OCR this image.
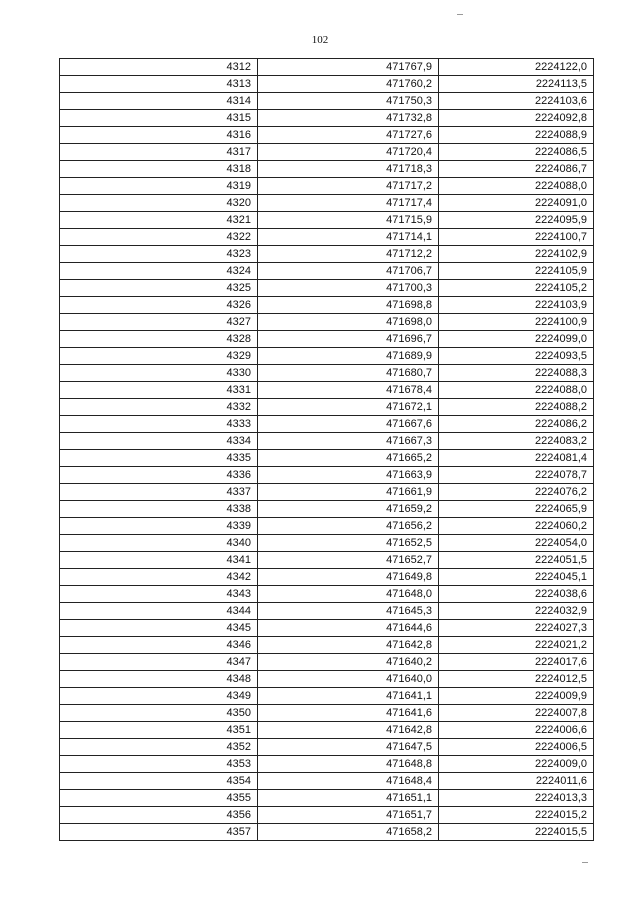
102
4312	471767,9	2224122,0
4313	471760,2	2224113,5
4314	471750,3	2224103,6
4315	471732,8	2224092,8
4316	471727,6	2224088,9
4317	471720,4	2224086,5
4318	471718,3	2224086,7
4319	471717,2	2224088,0
4320	471717,4	2224091,0
4321	471715,9	2224095,9
4322	471714,1	2224100,7
4323	471712,2	2224102,9
4324	471706,7	2224105,9
4325	471700,3	2224105,2
4326	471698,8	2224103,9
4327	471698,0	2224100,9
4328	471696,7	2224099,0
4329	471689,9	2224093,5
4330	471680,7	2224088,3
4331	471678,4	2224088,0
4332	471672,1	2224088,2
4333	471667,6	2224086,2
4334	471667,3	2224083,2
4335	471665,2	2224081,4
4336	471663,9	2224078,7
4337	471661,9	2224076,2
4338	471659,2	2224065,9
4339	471656,2	2224060,2
4340	471652,5	2224054,0
4341	471652,7	2224051,5
4342	471649,8	2224045,1
4343	471648,0	2224038,6
4344	471645,3	2224032,9
4345	471644,6	2224027,3
4346	471642,8	2224021,2
4347	471640,2	2224017,6
4348	471640,0	2224012,5
4349	471641,1	2224009,9
4350	471641,6	2224007,8
4351	471642,8	2224006,6
4352	471647,5	2224006,5
4353	471648,8	2224009,0
4354	471648,4	2224011,6
4355	471651,1	2224013,3
4356	471651,7	2224015,2
4357	471658,2	2224015,5
